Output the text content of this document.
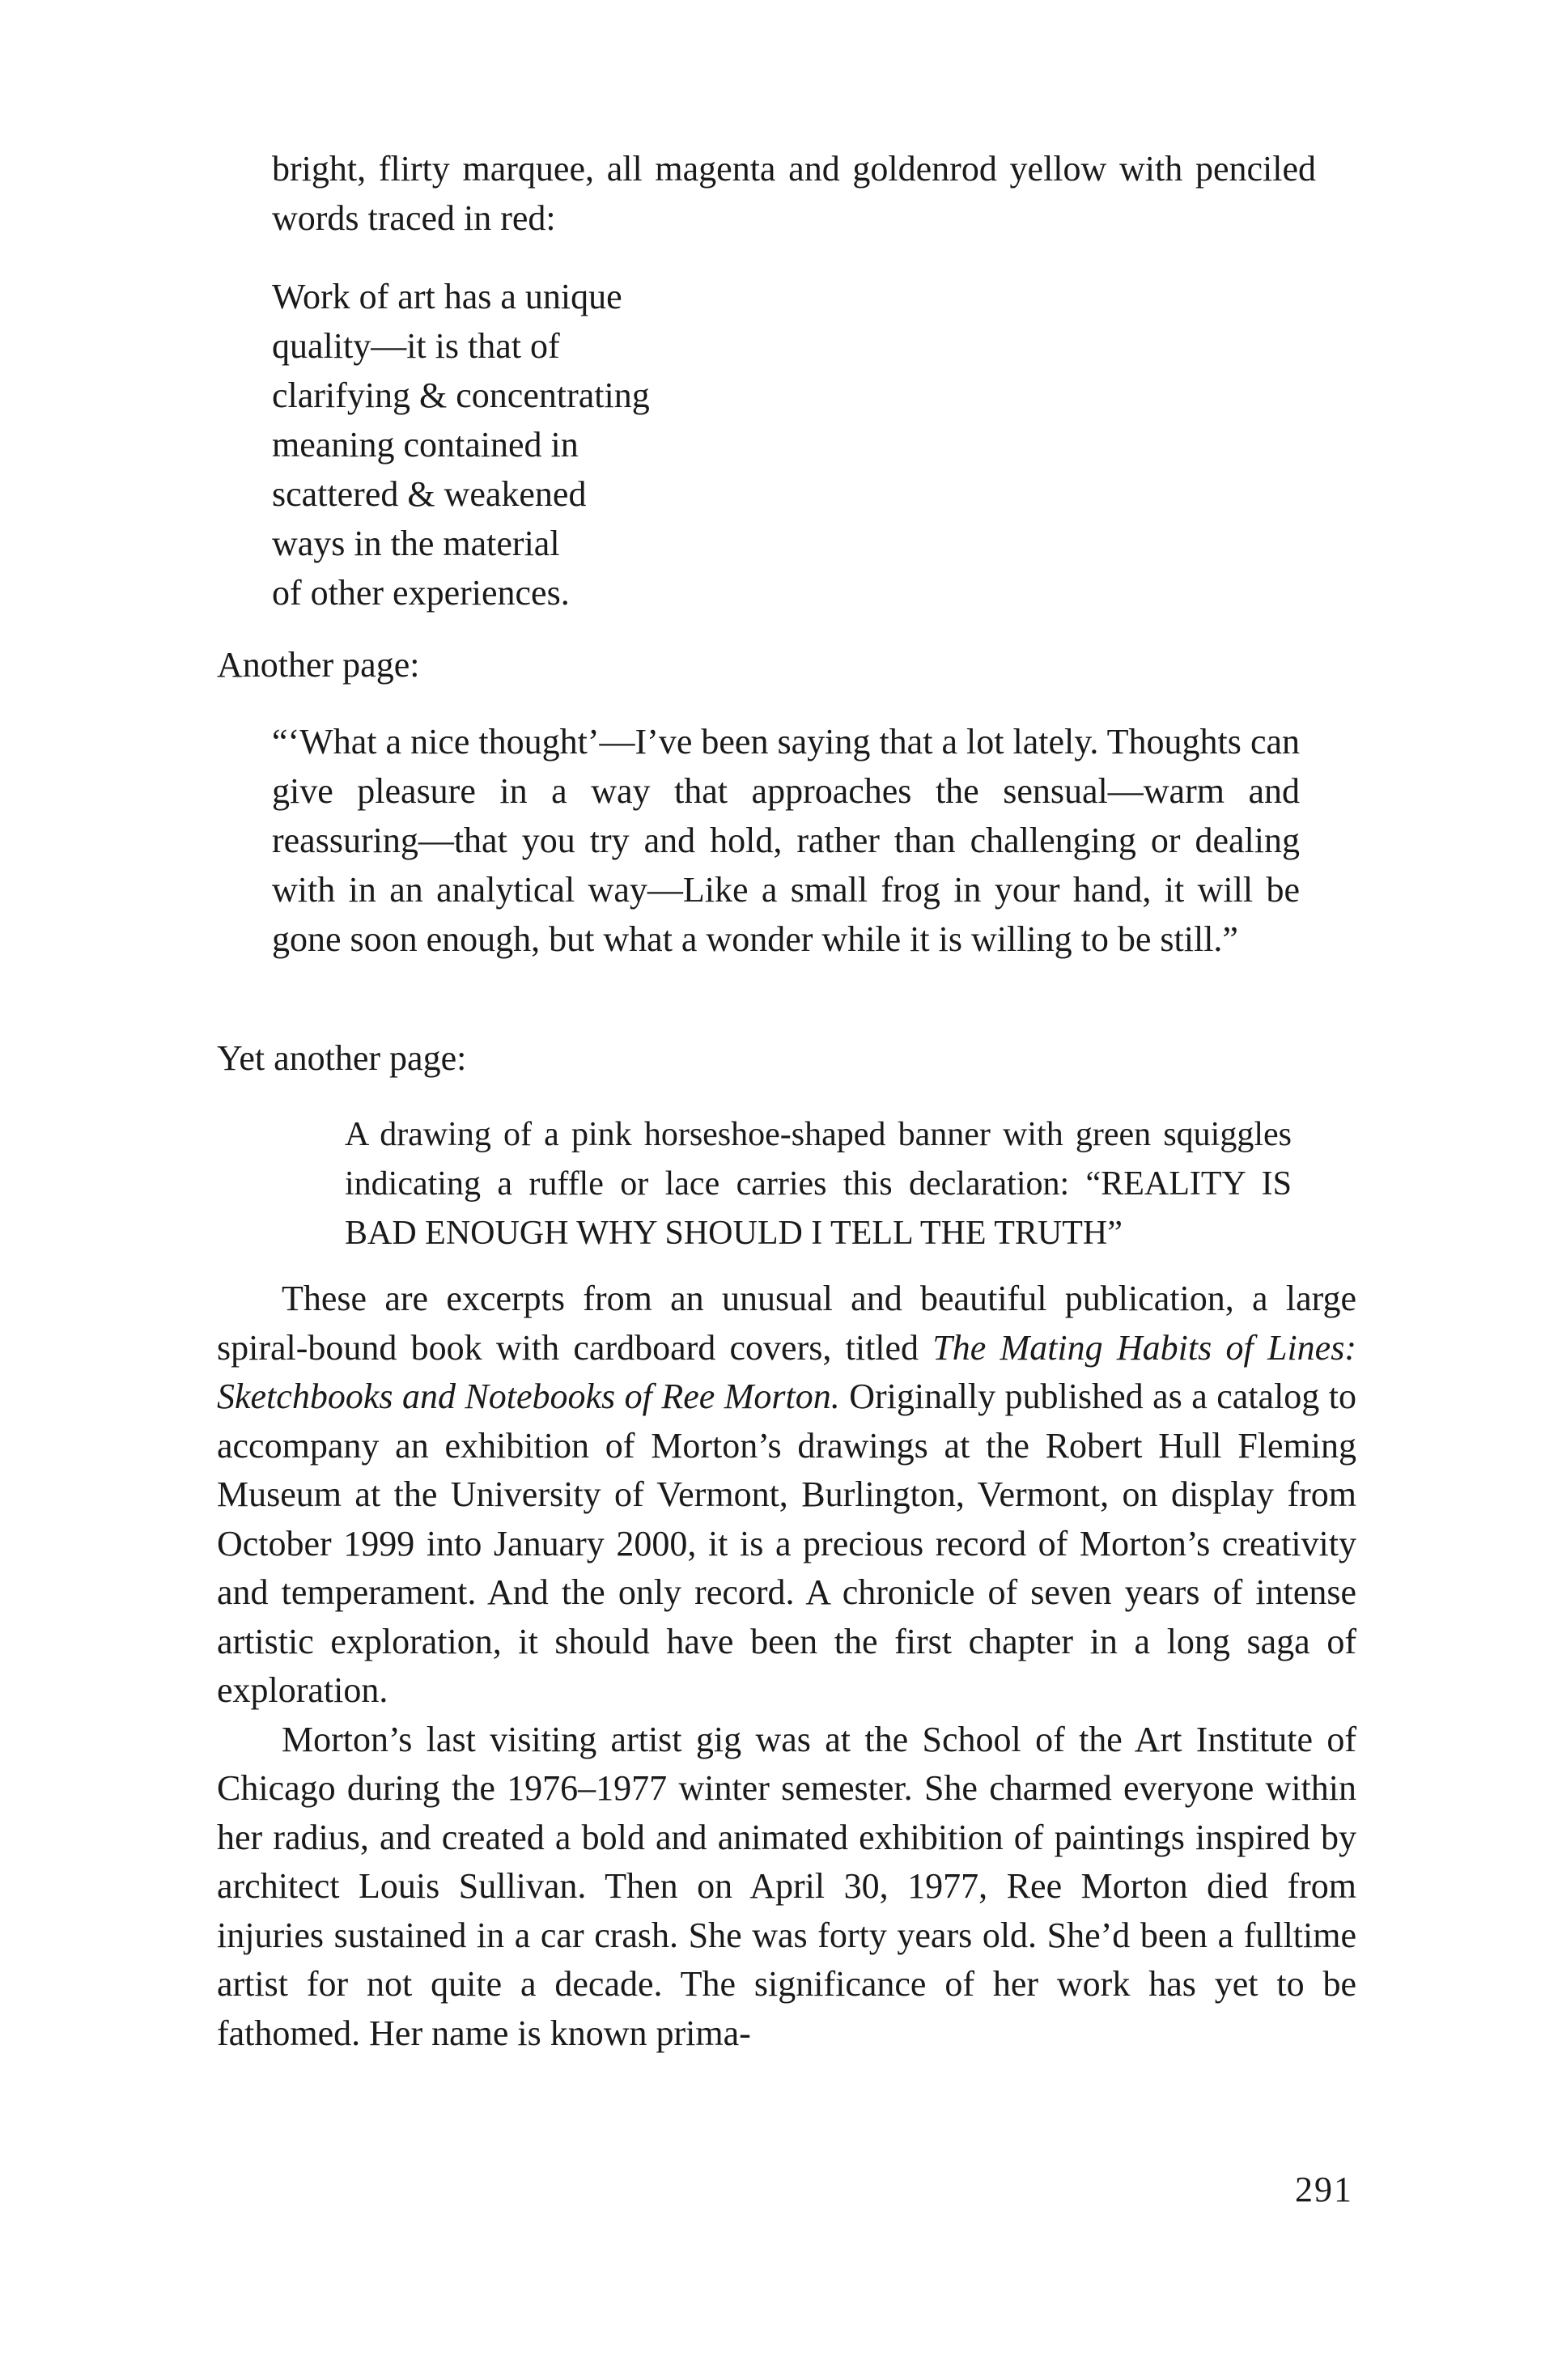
bright, flirty marquee, all magenta and goldenrod yellow with penciled words traced in red:

Work of art has a unique
quality—it is that of
clarifying & concentrating
meaning contained in
scattered & weakened
ways in the material
of other experiences.

Another page:

“‘What a nice thought’—I’ve been saying that a lot lately. Thoughts can give pleasure in a way that approaches the sensual—warm and reassuring—that you try and hold, rather than challenging or dealing with in an analytical way—Like a small frog in your hand, it will be gone soon enough, but what a wonder while it is willing to be still.”

Yet another page:

A drawing of a pink horseshoe-shaped banner with green squiggles indicating a ruffle or lace carries this declaration: “REALITY IS BAD ENOUGH WHY SHOULD I TELL THE TRUTH”

These are excerpts from an unusual and beautiful publication, a large spiral-bound book with cardboard covers, titled The Mating Habits of Lines: Sketchbooks and Notebooks of Ree Morton. Originally published as a catalog to accompany an exhibition of Morton’s drawings at the Robert Hull Fleming Museum at the University of Vermont, Burlington, Vermont, on display from October 1999 into January 2000, it is a precious record of Morton’s creativity and temperament. And the only record. A chronicle of seven years of intense artistic exploration, it should have been the first chapter in a long saga of exploration.

Morton’s last visiting artist gig was at the School of the Art Institute of Chicago during the 1976–1977 winter semester. She charmed everyone within her radius, and created a bold and animated exhibition of paintings inspired by architect Louis Sullivan. Then on April 30, 1977, Ree Morton died from injuries sustained in a car crash. She was forty years old. She’d been a fulltime artist for not quite a decade. The significance of her work has yet to be fathomed. Her name is known prima-

291
